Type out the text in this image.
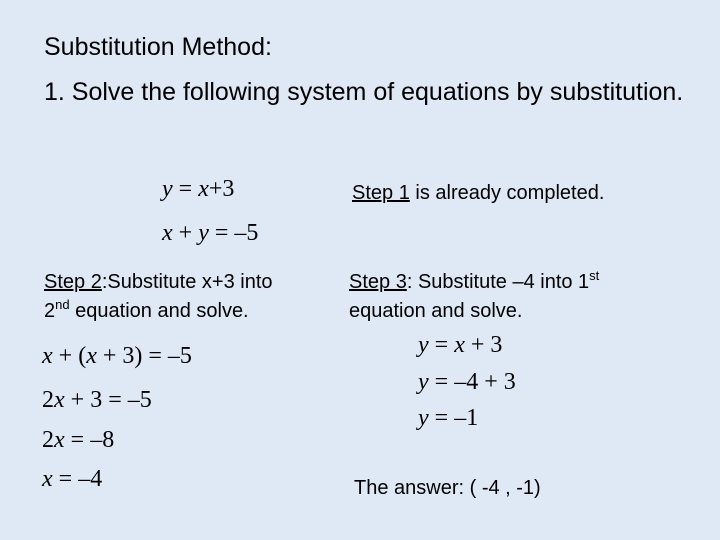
Substitution Method:
1. Solve the following system of equations by substitution.
y = x+3
x + y = –5
Step 1 is already completed.
Step 2:Substitute x+3 into
2nd equation and solve.
Step 3: Substitute –4 into 1st
equation and solve.
x + (x + 3) = –5
2x + 3 = –5
2x = –8
x = –4
y = x + 3
y = –4 + 3
y = –1
The answer: ( -4 , -1)
